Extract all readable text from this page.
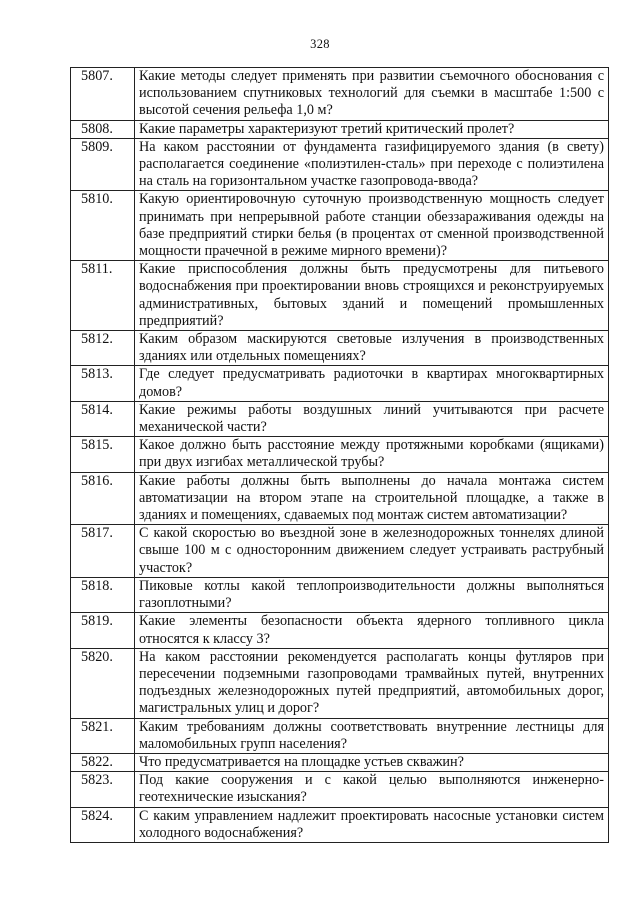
328
5807.	Какие методы следует применять при развитии съемочного обоснования с использованием спутниковых технологий для съемки в масштабе 1:500 с высотой сечения рельефа 1,0 м?
5808.	Какие параметры характеризуют третий критический пролет?
5809.	На каком расстоянии от фундамента газифицируемого здания (в свету) располагается соединение «полиэтилен-сталь» при переходе с полиэтилена на сталь на горизонтальном участке газопровода-ввода?
5810.	Какую ориентировочную суточную производственную мощность следует принимать при непрерывной работе станции обеззараживания одежды на базе предприятий стирки белья (в процентах от сменной производственной мощности прачечной в режиме мирного времени)?
5811.	Какие приспособления должны быть предусмотрены для питьевого водоснабжения при проектировании вновь строящихся и реконструируемых административных, бытовых зданий и помещений промышленных предприятий?
5812.	Каким образом маскируются световые излучения в производственных зданиях или отдельных помещениях?
5813.	Где следует предусматривать радиоточки в квартирах многоквартирных домов?
5814.	Какие режимы работы воздушных линий учитываются при расчете механической части?
5815.	Какое должно быть расстояние между протяжными коробками (ящиками) при двух изгибах металлической трубы?
5816.	Какие работы должны быть выполнены до начала монтажа систем автоматизации на втором этапе на строительной площадке, а также в зданиях и помещениях, сдаваемых под монтаж систем автоматизации?
5817.	С какой скоростью во въездной зоне в железнодорожных тоннелях длиной свыше 100 м с односторонним движением следует устраивать раструбный участок?
5818.	Пиковые котлы какой теплопроизводительности должны выполняться газоплотными?
5819.	Какие элементы безопасности объекта ядерного топливного цикла относятся к классу 3?
5820.	На каком расстоянии рекомендуется располагать концы футляров при пересечении подземными газопроводами трамвайных путей, внутренних подъездных железнодорожных путей предприятий, автомобильных дорог, магистральных улиц и дорог?
5821.	Каким требованиям должны соответствовать внутренние лестницы для маломобильных групп населения?
5822.	Что предусматривается на площадке устьев скважин?
5823.	Под какие сооружения и с какой целью выполняются инженерно-геотехнические изыскания?
5824.	С каким управлением надлежит проектировать насосные установки систем холодного водоснабжения?
